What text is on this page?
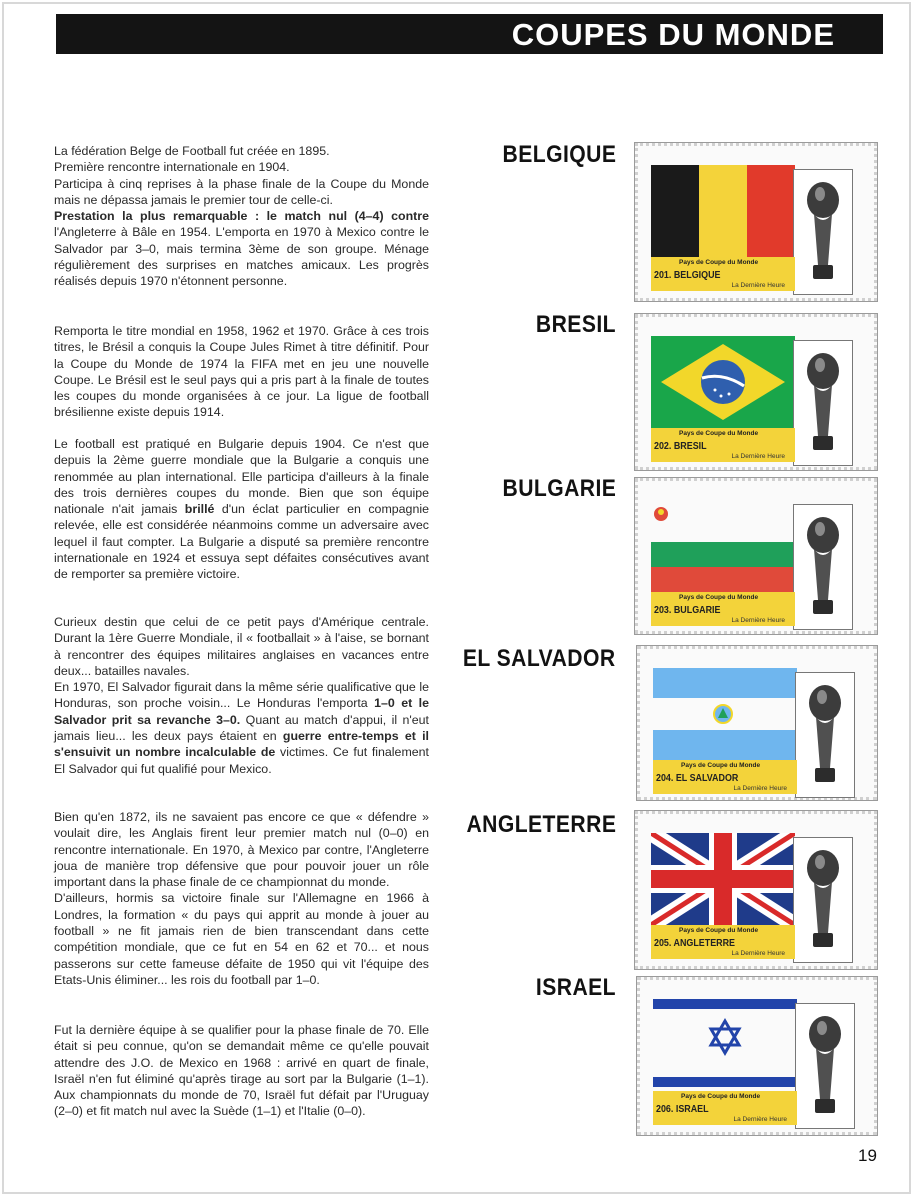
COUPES DU MONDE

La fédération Belge de Football fut créée en 1895.

Première rencontre internationale en 1904.

Participa à cinq reprises à la phase finale de la Coupe du Monde mais ne dépassa jamais le premier tour de celle-ci.

Prestation la plus remarquable : le match nul (4–4) contre l'Angleterre à Bâle en 1954. L'emporta en 1970 à Mexico contre le Salvador par 3–0, mais termina 3ème de son groupe. Ménage régulièrement des surprises en matches amicaux. Les progrès réalisés depuis 1970 n'étonnent personne.

Remporta le titre mondial en 1958, 1962 et 1970. Grâce à ces trois titres, le Brésil a conquis la Coupe Jules Rimet à titre définitif. Pour la Coupe du Monde de 1974 la FIFA met en jeu une nouvelle Coupe. Le Brésil est le seul pays qui a pris part à la finale de toutes les coupes du monde organisées à ce jour. La ligue de football brésilienne existe depuis 1914.

Le football est pratiqué en Bulgarie depuis 1904. Ce n'est que depuis la 2ème guerre mondiale que la Bulgarie a conquis une renommée au plan international. Elle participa d'ailleurs à la finale des trois dernières coupes du monde. Bien que son équipe nationale n'ait jamais brillé d'un éclat particulier en compagnie relevée, elle est considérée néanmoins comme un adversaire avec lequel il faut compter. La Bulgarie a disputé sa première rencontre internationale en 1924 et essuya sept défaites consécutives avant de remporter sa première victoire.

Curieux destin que celui de ce petit pays d'Amérique centrale. Durant la 1ère Guerre Mondiale, il « footballait » à l'aise, se bornant à rencontrer des équipes militaires anglaises en vacances entre deux... batailles navales.

En 1970, El Salvador figurait dans la même série qualificative que le Honduras, son proche voisin... Le Honduras l'emporta 1–0 et le Salvador prit sa revanche 3–0. Quant au match d'appui, il n'eut jamais lieu... les deux pays étaient en guerre entre-temps et il s'ensuivit un nombre incalculable de victimes. Ce fut finalement El Salvador qui fut qualifié pour Mexico.

Bien qu'en 1872, ils ne savaient pas encore ce que « défendre » voulait dire, les Anglais firent leur premier match nul (0–0) en rencontre internationale. En 1970, à Mexico par contre, l'Angleterre joua de manière trop défensive que pour pouvoir jouer un rôle important dans la phase finale de ce championnat du monde.

D'ailleurs, hormis sa victoire finale sur l'Allemagne en 1966 à Londres, la formation « du pays qui apprit au monde à jouer au football » ne fit jamais rien de bien transcendant dans cette compétition mondiale, que ce fut en 54 en 62 et 70... et nous passerons sur cette fameuse défaite de 1950 qui vit l'équipe des Etats-Unis éliminer... les rois du football par 1–0.

Fut la dernière équipe à se qualifier pour la phase finale de 70. Elle était si peu connue, qu'on se demandait même ce qu'elle pouvait attendre des J.O. de Mexico en 1968 : arrivé en quart de finale, Israël n'en fut éliminé qu'après tirage au sort par la Bulgarie (1–1). Aux championnats du monde de 70, Israël fut défait par l'Uruguay (2–0) et fit match nul avec la Suède (1–1) et l'Italie (0–0).

BELGIQUE
BRESIL
BULGARIE
EL SALVADOR
ANGLETERRE
ISRAEL
Pays de Coupe du Monde
201. BELGIQUE
La Dernière Heure
Pays de Coupe du Monde
202. BRESIL
La Dernière Heure
Pays de Coupe du Monde
203. BULGARIE
La Dernière Heure
Pays de Coupe du Monde
204. EL SALVADOR
La Dernière Heure
Pays de Coupe du Monde
205. ANGLETERRE
La Dernière Heure
Pays de Coupe du Monde
206. ISRAEL
La Dernière Heure
19
